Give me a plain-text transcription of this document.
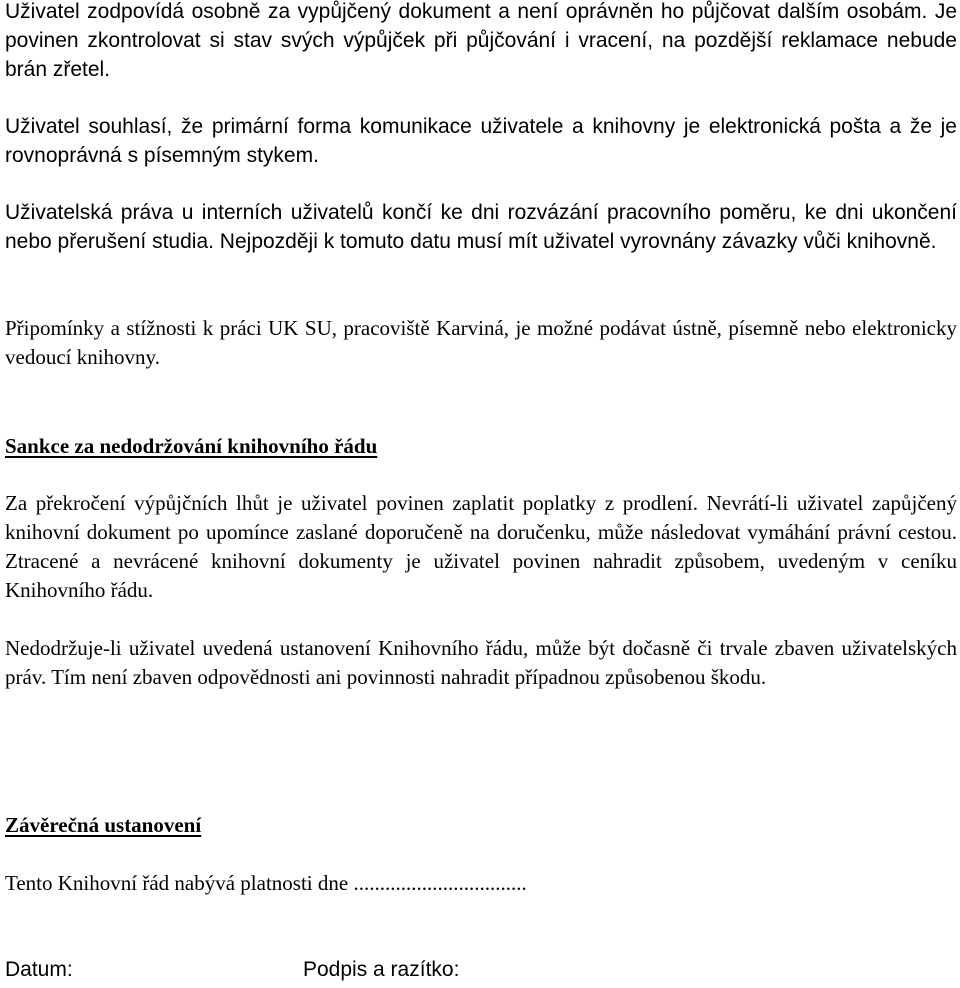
Uživatel zodpovídá osobně za vypůjčený dokument a není oprávněn ho půjčovat dalším osobám. Je povinen zkontrolovat si stav svých výpůjček při půjčování i vracení, na pozdější reklamace nebude brán zřetel.

Uživatel souhlasí, že primární forma komunikace uživatele a knihovny je elektronická pošta a že je rovnoprávná s písemným stykem.

Uživatelská práva u interních uživatelů končí ke dni rozvázání pracovního poměru, ke dni ukončení nebo přerušení studia. Nejpozději k tomuto datu musí mít uživatel vyrovnány závazky vůči knihovně.

Připomínky a stížnosti k práci UK SU, pracoviště Karviná, je možné podávat ústně, písemně nebo elektronicky vedoucí knihovny.

Sankce za nedodržování knihovního řádu

Za překročení výpůjčních lhůt je uživatel povinen zaplatit poplatky z prodlení. Nevrátí-li uživatel zapůjčený knihovní dokument po upomínce zaslané doporučeně na doručenku, může následovat vymáhání právní cestou. Ztracené a nevrácené knihovní dokumenty je uživatel povinen nahradit způsobem, uvedeným v ceníku Knihovního řádu.

Nedodržuje-li uživatel uvedená ustanovení Knihovního řádu, může být dočasně či trvale zbaven uživatelských práv. Tím není zbaven odpovědnosti ani povinnosti nahradit případnou způsobenou škodu.

Závěrečná ustanovení

Tento Knihovní řád nabývá platnosti dne .................................

Datum:	Podpis a razítko:
